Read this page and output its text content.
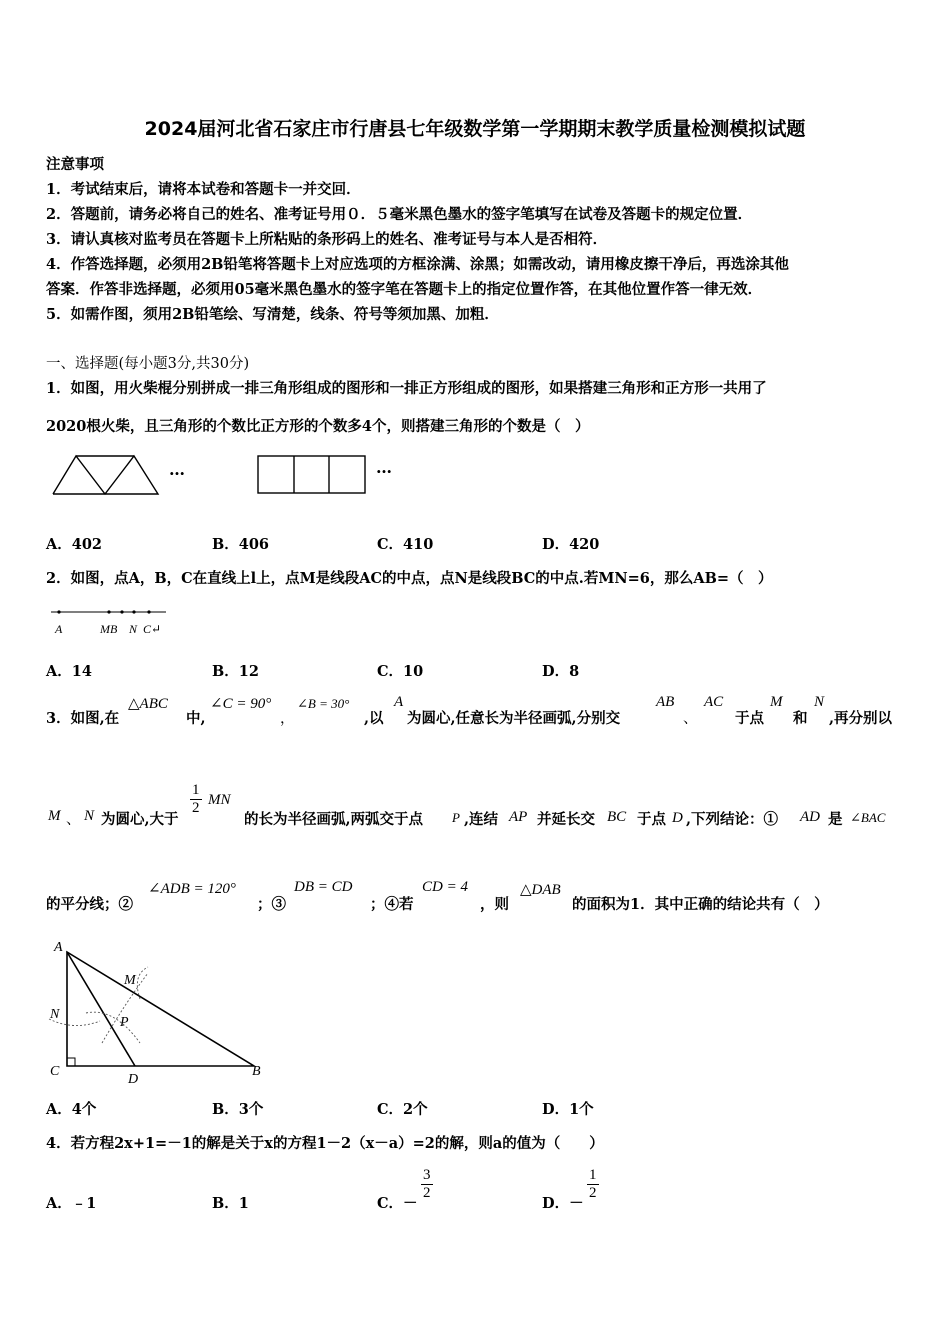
2024届河北省石家庄市行唐县七年级数学第一学期期末教学质量检测模拟试题
注意事项
1．考试结束后，请将本试卷和答题卡一并交回．
2．答题前，请务必将自己的姓名、准考证号用０．５毫米黑色墨水的签字笔填写在试卷及答题卡的规定位置．
3．请认真核对监考员在答题卡上所粘贴的条形码上的姓名、准考证号与本人是否相符．
4．作答选择题，必须用2B铅笔将答题卡上对应选项的方框涂满、涂黑；如需改动，请用橡皮擦干净后，再选涂其他
答案．作答非选择题，必须用05毫米黑色墨水的签字笔在答题卡上的指定位置作答，在其他位置作答一律无效．
5．如需作图，须用2B铅笔绘、写清楚，线条、符号等须加黑、加粗．
一、选择题(每小题3分,共30分)
1．如图，用火柴棍分别拼成一排三角形组成的图形和一排正方形组成的图形，如果搭建三角形和正方形一共用了
2020根火柴，且三角形的个数比正方形的个数多4个，则搭建三角形的个数是（　）
…	…
A．402	B．406	C．410	D．420
2．如图，点A，B，C在直线上l上，点M是线段AC的中点，点N是线段BC的中点.若MN=6，那么AB=（　）
A	MB N C↵
A．14	B．12	C．10	D．8
3．如图,在
△ABC
中,
∠C = 90°
，
∠B = 30°
,以
A
为圆心,任意长为半径画弧,分别交
AB
、
AC
于点
M
和
N
,再分别以
M 、 N 为圆心,大于
$\frac{1}{2}$ MN
的长为半径画弧,两弧交于点 P ,连结 AP 并延长交 BC 于点 D ,下列结论：① AD 是 ∠BAC
的平分线；②
∠ADB = 120°
；③
DB = CD
；④若
CD = 4
，则
△DAB
的面积为1．其中正确的结论共有（　）
A
M
N
P
C
D
B
A．4个	B．3个	C．2个	D．1个
4．若方程2x+1=－1的解是关于x的方程1－2（x－a）=2的解，则a的值为（　　）
A．﹣1	B．1	C．－
$\frac{3}{2}$
D．－
$\frac{1}{2}$
